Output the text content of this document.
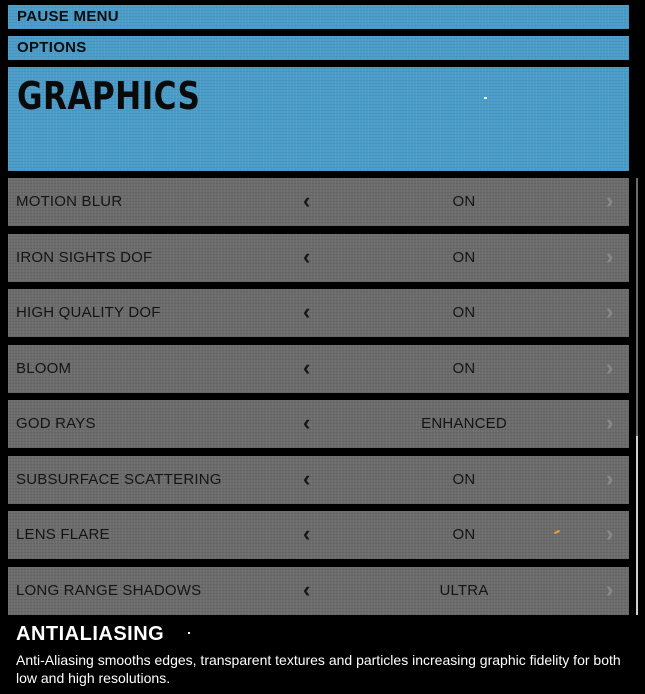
PAUSE MENU
OPTIONS
GRAPHICS
MOTION BLUR	‹	ON	›
IRON SIGHTS DOF	‹	ON	›
HIGH QUALITY DOF	‹	ON	›
BLOOM	‹	ON	›
GOD RAYS	‹	ENHANCED	›
SUBSURFACE SCATTERING	‹	ON	›
LENS FLARE	‹	ON	›
LONG RANGE SHADOWS	‹	ULTRA	›
ANTIALIASING
Anti-Aliasing smooths edges, transparent textures and particles increasing graphic fidelity for both low and high resolutions.
